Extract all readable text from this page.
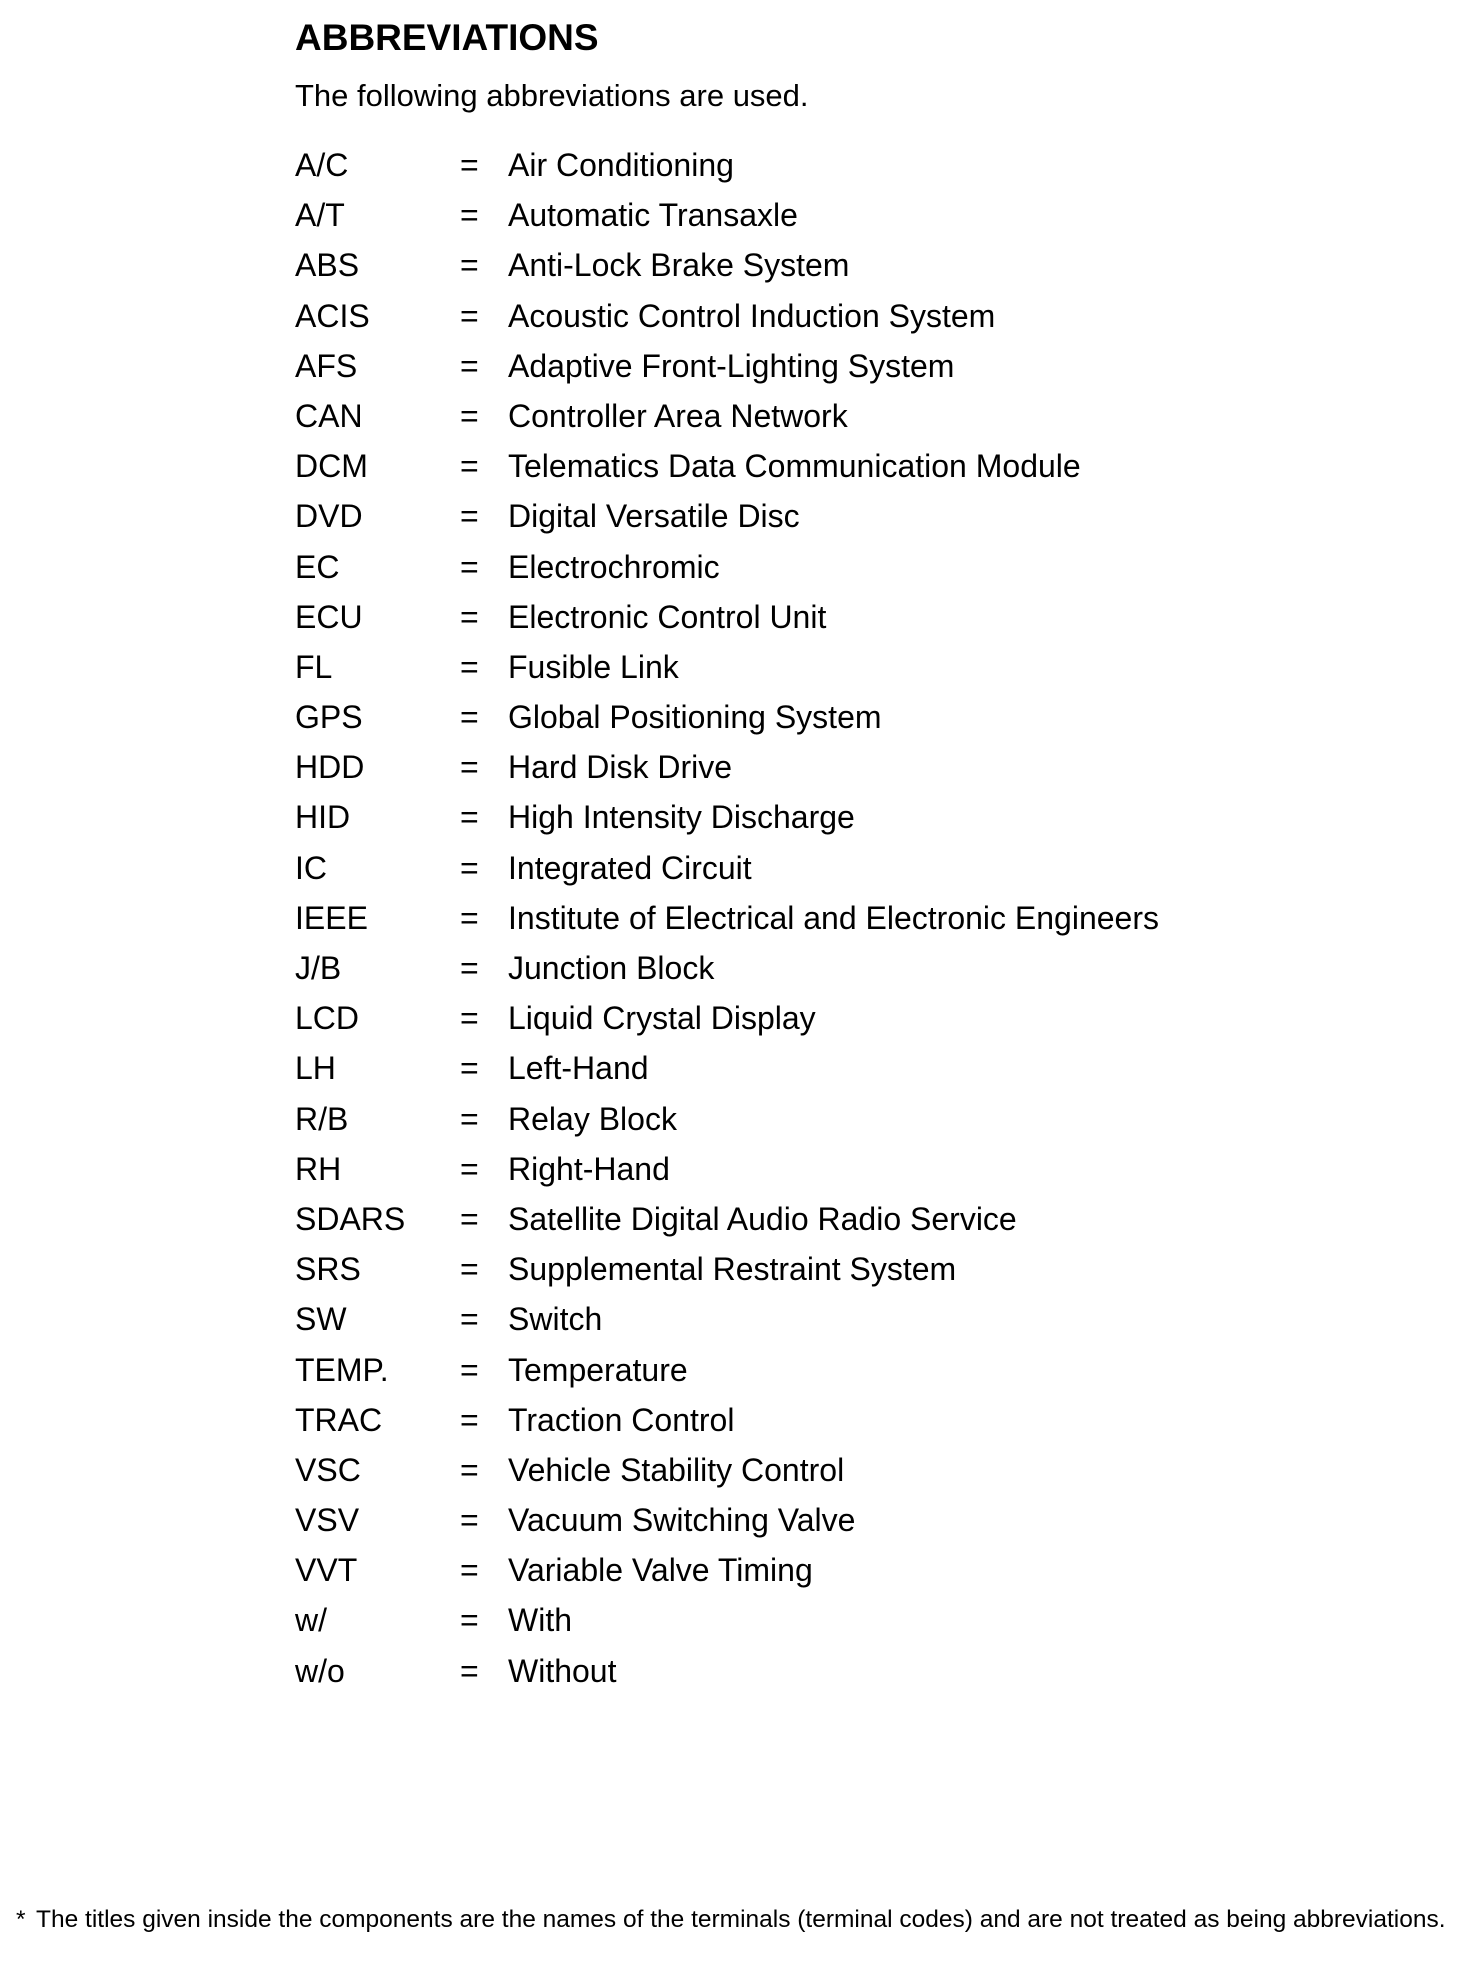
ABBREVIATIONS

The following abbreviations are used.

A/C	= Air Conditioning
A/T	= Automatic Transaxle
ABS	= Anti-Lock Brake System
ACIS	= Acoustic Control Induction System
AFS	= Adaptive Front-Lighting System
CAN	= Controller Area Network
DCM	= Telematics Data Communication Module
DVD	= Digital Versatile Disc
EC	= Electrochromic
ECU	= Electronic Control Unit
FL	= Fusible Link
GPS	= Global Positioning System
HDD	= Hard Disk Drive
HID	= High Intensity Discharge
IC	= Integrated Circuit
IEEE	= Institute of Electrical and Electronic Engineers
J/B	= Junction Block
LCD	= Liquid Crystal Display
LH	= Left-Hand
R/B	= Relay Block
RH	= Right-Hand
SDARS	= Satellite Digital Audio Radio Service
SRS	= Supplemental Restraint System
SW	= Switch
TEMP.	= Temperature
TRAC	= Traction Control
VSC	= Vehicle Stability Control
VSV	= Vacuum Switching Valve
VVT	= Variable Valve Timing
w/	= With
w/o	= Without

* The titles given inside the components are the names of the terminals (terminal codes) and are not treated as being abbreviations.
